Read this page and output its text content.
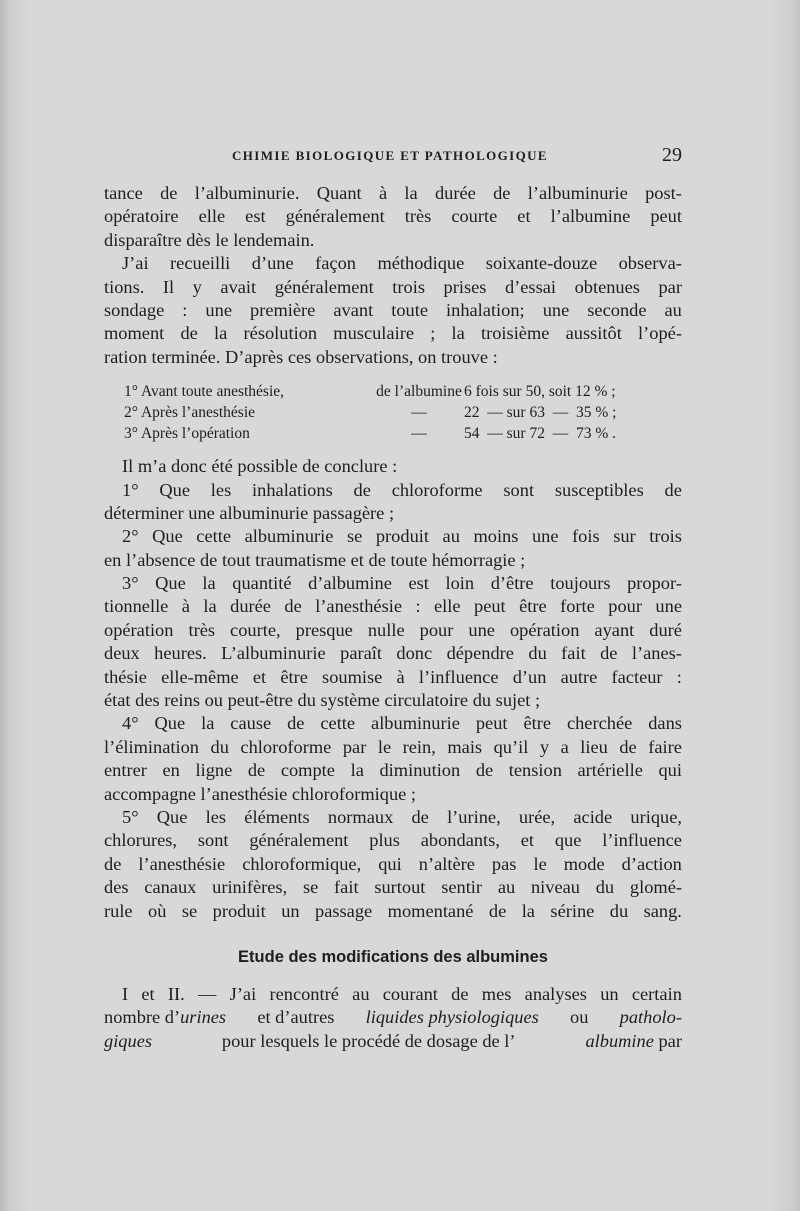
CHIMIE BIOLOGIQUE ET PATHOLOGIQUE	29
tance de l’albuminurie. Quant à la durée de l’albuminurie post-
opératoire elle est généralement très courte et l’albumine peut
disparaître dès le lendemain.
J’ai recueilli d’une façon méthodique soixante-douze observa-
tions. Il y avait généralement trois prises d’essai obtenues par
sondage : une première avant toute inhalation; une seconde au
moment de la résolution musculaire ; la troisième aussitôt l’opé-
ration terminée. D’après ces observations, on trouve :
1° Avant toute anesthésie,	de l’albumine 6 fois sur 50, soit 12 % ;
2° Après l’anesthésie	—	22  — sur 63  —  35 % ;
3° Après l’opération	—	54  — sur 72  —  73 % .
Il m’a donc été possible de conclure :
1° Que les inhalations de chloroforme sont susceptibles de
déterminer une albuminurie passagère ;
2° Que cette albuminurie se produit au moins une fois sur trois
en l’absence de tout traumatisme et de toute hémorragie ;
3° Que la quantité d’albumine est loin d’être toujours propor-
tionnelle à la durée de l’anesthésie : elle peut être forte pour une
opération très courte, presque nulle pour une opération ayant duré
deux heures. L’albuminurie paraît donc dépendre du fait de l’anes-
thésie elle-même et être soumise à l’influence d’un autre facteur :
état des reins ou peut-être du système circulatoire du sujet ;
4° Que la cause de cette albuminurie peut être cherchée dans
l’élimination du chloroforme par le rein, mais qu’il y a lieu de faire
entrer en ligne de compte la diminution de tension artérielle qui
accompagne l’anesthésie chloroformique ;
5° Que les éléments normaux de l’urine, urée, acide urique,
chlorures, sont généralement plus abondants, et que l’influence
de l’anesthésie chloroformique, qui n’altère pas le mode d’action
des canaux urinifères, se fait surtout sentir au niveau du glomé-
rule où se produit un passage momentané de la sérine du sang.
Etude des modifications des albumines
I et II. — J’ai rencontré au courant de mes analyses un certain
nombre d’urines et d’autres liquides physiologiques ou patholo-
giques	pour lesquels le procédé de dosage de l’	albumine par
